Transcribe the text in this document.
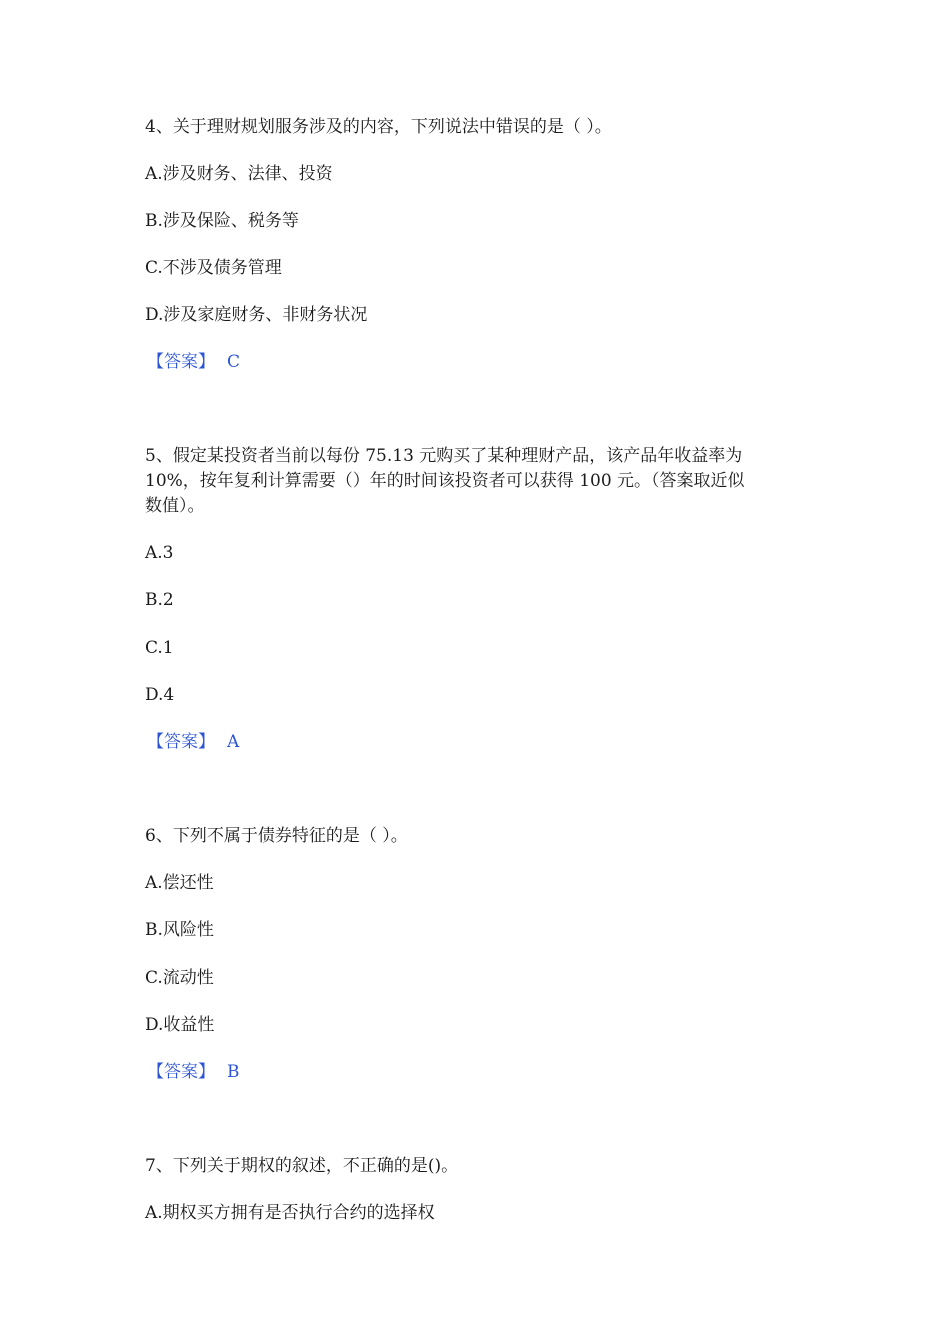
4、关于理财规划服务涉及的内容，下列说法中错误的是（ ）。
A.涉及财务、法律、投资
B.涉及保险、税务等
C.不涉及债务管理
D.涉及家庭财务、非财务状况
【答案】 C
5、假定某投资者当前以每份 75.13 元购买了某种理财产品，该产品年收益率为
10%，按年复利计算需要（）年的时间该投资者可以获得 100 元。（答案取近似
数值）。
A.3
B.2
C.1
D.4
【答案】 A
6、下列不属于债券特征的是（ ）。
A.偿还性
B.风险性
C.流动性
D.收益性
【答案】 B
7、下列关于期权的叙述，不正确的是()。
A.期权买方拥有是否执行合约的选择权
